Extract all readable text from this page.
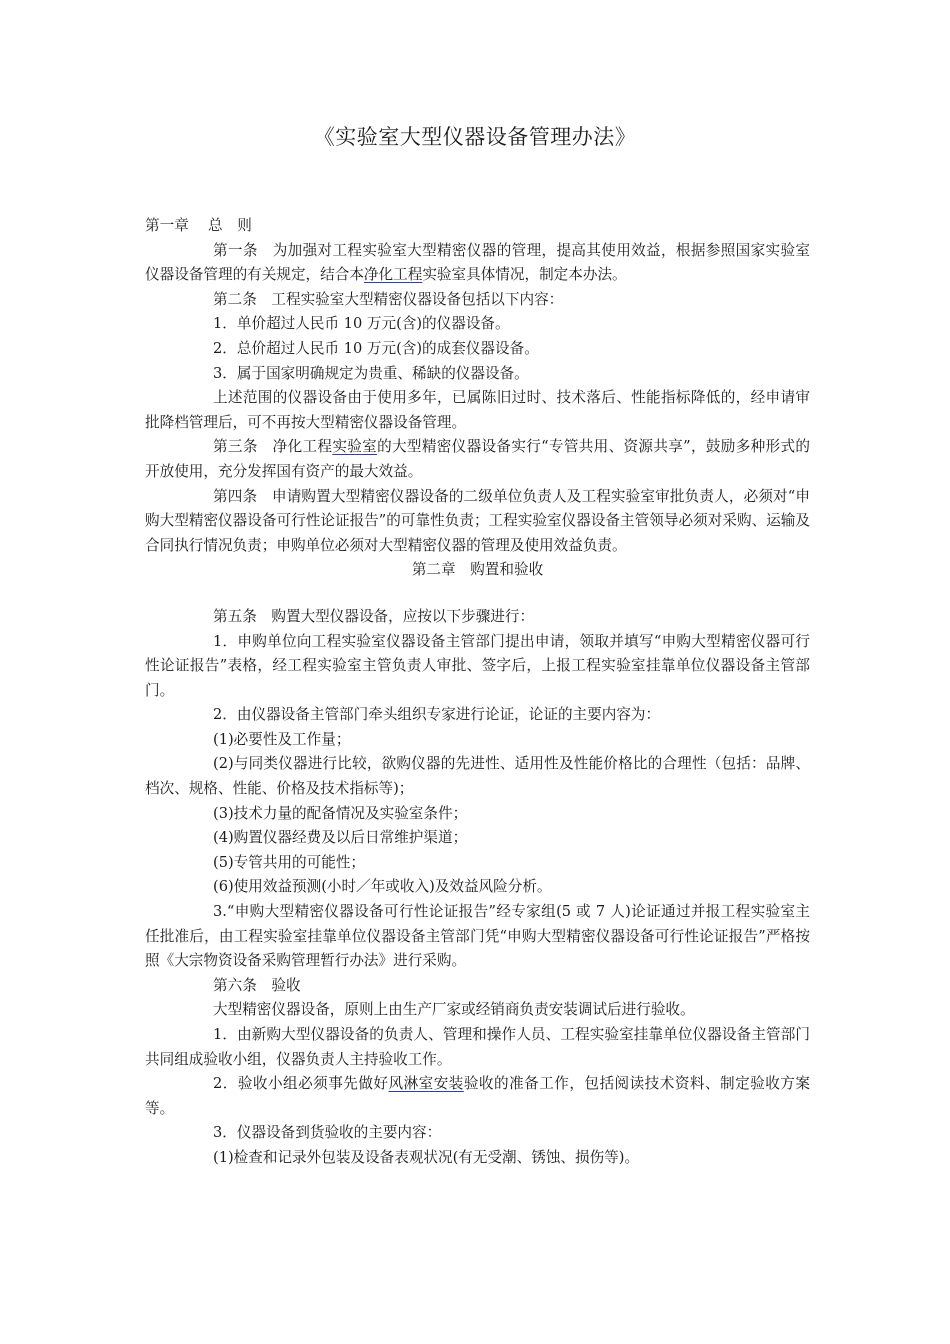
《实验室大型仪器设备管理办法》

第一章　 总　则

第一条　为加强对工程实验室大型精密仪器的管理，提高其使用效益，根据参照国家实验室仪器设备管理的有关规定，结合本净化工程实验室具体情况，制定本办法。

第二条　工程实验室大型精密仪器设备包括以下内容：

1．单价超过人民币 10 万元(含)的仪器设备。

2．总价超过人民币 10 万元(含)的成套仪器设备。

3．属于国家明确规定为贵重、稀缺的仪器设备。

上述范围的仪器设备由于使用多年，已属陈旧过时、技术落后、性能指标降低的，经申请审批降档管理后，可不再按大型精密仪器设备管理。

第三条　净化工程实验室的大型精密仪器设备实行“专管共用、资源共享”，鼓励多种形式的开放使用，充分发挥国有资产的最大效益。

第四条　申请购置大型精密仪器设备的二级单位负责人及工程实验室审批负责人，必须对“申购大型精密仪器设备可行性论证报告”的可靠性负责；工程实验室仪器设备主管领导必须对采购、运输及合同执行情况负责；申购单位必须对大型精密仪器的管理及使用效益负责。

第二章　购置和验收

第五条　购置大型仪器设备，应按以下步骤进行：

1．申购单位向工程实验室仪器设备主管部门提出申请，领取并填写“申购大型精密仪器可行性论证报告”表格，经工程实验室主管负责人审批、签字后，上报工程实验室挂靠单位仪器设备主管部门。

2．由仪器设备主管部门牵头组织专家进行论证，论证的主要内容为：

(1)必要性及工作量；

(2)与同类仪器进行比较，欲购仪器的先进性、适用性及性能价格比的合理性（包括：品牌、档次、规格、性能、价格及技术指标等)；

(3)技术力量的配备情况及实验室条件；

(4)购置仪器经费及以后日常维护渠道；

(5)专管共用的可能性；

(6)使用效益预测(小时／年或收入)及效益风险分析。

3.“申购大型精密仪器设备可行性论证报告”经专家组(5 或 7 人)论证通过并报工程实验室主任批准后，由工程实验室挂靠单位仪器设备主管部门凭“申购大型精密仪器设备可行性论证报告”严格按照《大宗物资设备采购管理暂行办法》进行采购。

第六条　验收

大型精密仪器设备，原则上由生产厂家或经销商负责安装调试后进行验收。

1．由新购大型仪器设备的负责人、管理和操作人员、工程实验室挂靠单位仪器设备主管部门共同组成验收小组，仪器负责人主持验收工作。

2．验收小组必须事先做好风淋室安装验收的准备工作，包括阅读技术资料、制定验收方案等。

3．仪器设备到货验收的主要内容：

(1)检查和记录外包装及设备表观状况(有无受潮、锈蚀、损伤等)。
